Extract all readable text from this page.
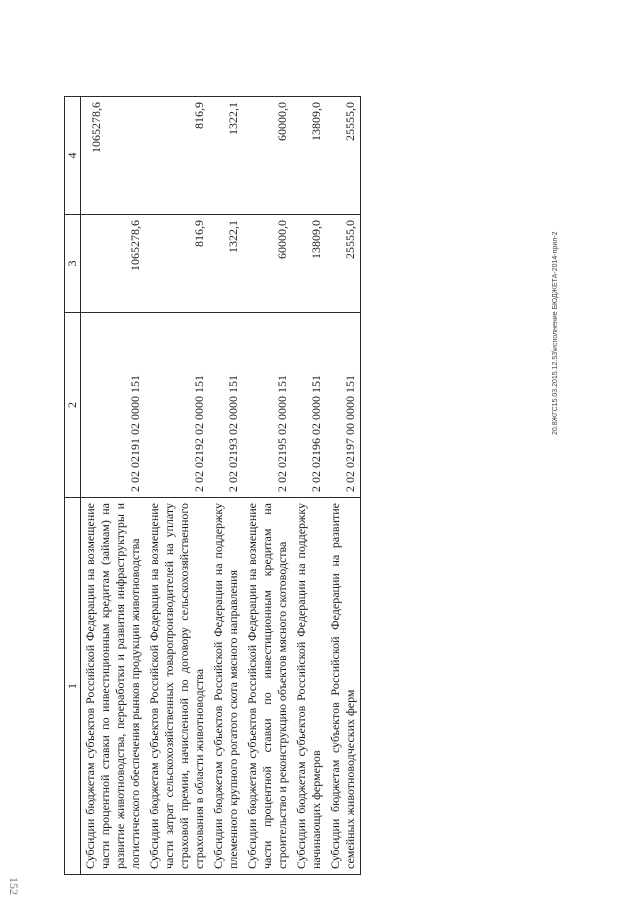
152
1	2	3	4
Субсидии бюджетам субъектов Российской Федерации на возмещение части процентной ставки по инвестиционным кредитам (займам) на развитие животноводства, переработки и развития инфраструктуры и логистического обеспечения рынков продукции животноводства	2 02 02191 02 0000 151	1065278,6	1065278,6
Субсидии бюджетам субъектов Российской Федерации на возмещение части затрат сельскохозяйственных товаропроизводителей на уплату страховой премии, начисленной по договору сельскохозяйственного страхования в области животноводства	2 02 02192 02 0000 151	816,9	816,9
Субсидии бюджетам субъектов Российской Федерации на поддержку племенного крупного рогатого скота мясного направления	2 02 02193 02 0000 151	1322,1	1322,1
Субсидии бюджетам субъектов Российской Федерации на возмещение части процентной ставки по инвестиционным кредитам на строительство и реконструкцию объектов мясного скотоводства	2 02 02195 02 0000 151	60000,0	60000,0
Субсидии бюджетам субъектов Российской Федерации на поддержку начинающих фермеров	2 02 02196 02 0000 151	13809,0	13809,0
Субсидии бюджетам субъектов Российской Федерации на развитие семейных животноводческих ферм	2 02 02197 00 0000 151	25555,0	25555,0
20.8ЖГС15.03.2015.12.53\исполнение БЮДЖЕТА-2014-прил-2
